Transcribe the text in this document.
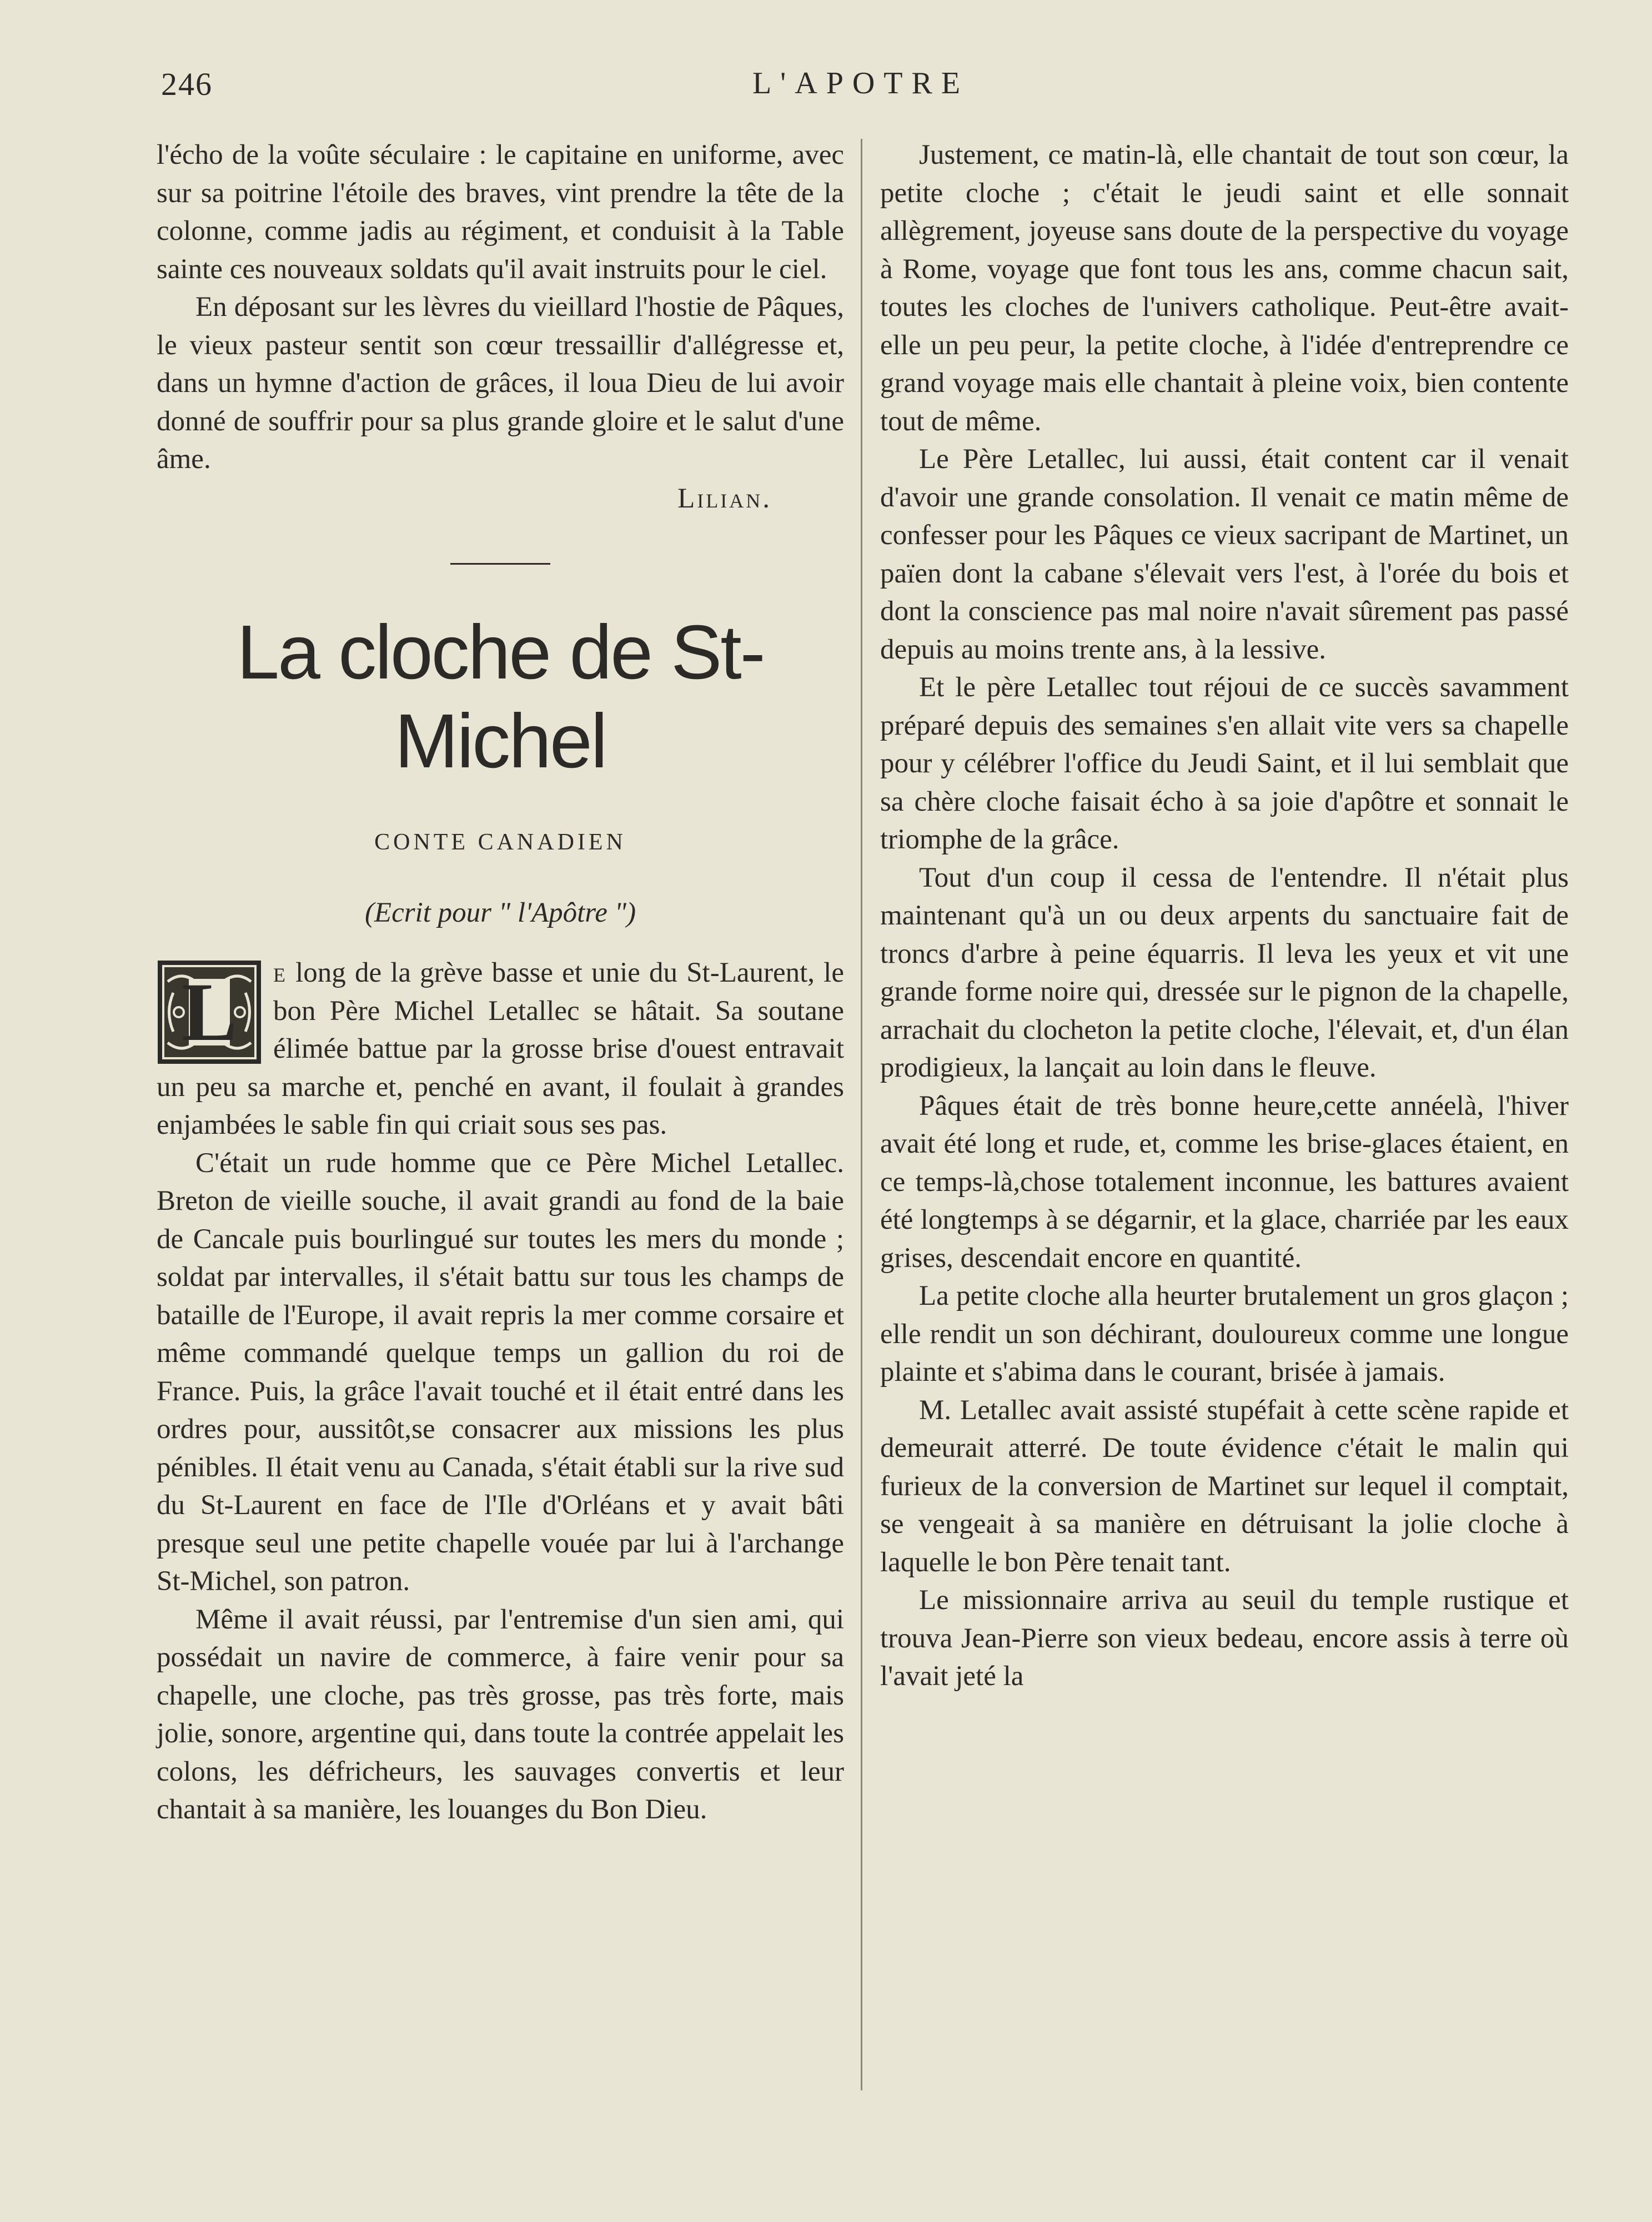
246	L'APOTRE

l'écho de la voûte séculaire : le capitaine en uniforme, avec sur sa poitrine l'étoile des braves, vint prendre la tête de la colonne, comme jadis au régiment, et conduisit à la Table sainte ces nouveaux soldats qu'il avait instruits pour le ciel.

En déposant sur les lèvres du vieillard l'hostie de Pâques, le vieux pasteur sentit son cœur tressaillir d'allégresse et, dans un hymne d'action de grâces, il loua Dieu de lui avoir donné de souffrir pour sa plus grande gloire et le salut d'une âme.

Lilian.
La cloche de St-Michel
CONTE CANADIEN
(Ecrit pour " l'Apôtre ")

L	e long de la grève basse et unie du St-Laurent, le bon Père Michel Letallec se hâtait. Sa soutane élimée battue par la grosse brise d'ouest entravait un peu sa marche et, penché en avant, il foulait à grandes enjambées le sable fin qui criait sous ses pas.

C'était un rude homme que ce Père Michel Letallec. Breton de vieille souche, il avait grandi au fond de la baie de Cancale puis bourlingué sur toutes les mers du monde ; soldat par intervalles, il s'était battu sur tous les champs de bataille de l'Europe, il avait repris la mer comme corsaire et même commandé quelque temps un gallion du roi de France. Puis, la grâce l'avait touché et il était entré dans les ordres pour, aussitôt,se consacrer aux missions les plus pénibles. Il était venu au Canada, s'était établi sur la rive sud du St-Laurent en face de l'Ile d'Orléans et y avait bâti presque seul une petite chapelle vouée par lui à l'archange St-Michel, son patron.

Même il avait réussi, par l'entremise d'un sien ami, qui possédait un navire de commerce, à faire venir pour sa chapelle, une cloche, pas très grosse, pas très forte, mais jolie, sonore, argentine qui, dans toute la contrée appelait les colons, les défricheurs, les sauvages convertis et leur chantait à sa manière, les louanges du Bon Dieu.

Justement, ce matin-là, elle chantait de tout son cœur, la petite cloche ; c'était le jeudi saint et elle sonnait allègrement, joyeuse sans doute de la perspective du voyage à Rome, voyage que font tous les ans, comme chacun sait, toutes les cloches de l'univers catholique. Peut-être avait-elle un peu peur, la petite cloche, à l'idée d'entreprendre ce grand voyage mais elle chantait à pleine voix, bien contente tout de même.

Le Père Letallec, lui aussi, était content car il venait d'avoir une grande consolation. Il venait ce matin même de confesser pour les Pâques ce vieux sacripant de Martinet, un païen dont la cabane s'élevait vers l'est, à l'orée du bois et dont la conscience pas mal noire n'avait sûrement pas passé depuis au moins trente ans, à la lessive.

Et le père Letallec tout réjoui de ce succès savamment préparé depuis des semaines s'en allait vite vers sa chapelle pour y célébrer l'office du Jeudi Saint, et il lui semblait que sa chère cloche faisait écho à sa joie d'apôtre et sonnait le triomphe de la grâce.

Tout d'un coup il cessa de l'entendre. Il n'était plus maintenant qu'à un ou deux arpents du sanctuaire fait de troncs d'arbre à peine équarris. Il leva les yeux et vit une grande forme noire qui, dressée sur le pignon de la chapelle, arrachait du clocheton la petite cloche, l'élevait, et, d'un élan prodigieux, la lançait au loin dans le fleuve.

Pâques était de très bonne heure,cette annéelà, l'hiver avait été long et rude, et, comme les brise-glaces étaient, en ce temps-là,chose totalement inconnue, les battures avaient été longtemps à se dégarnir, et la glace, charriée par les eaux grises, descendait encore en quantité.

La petite cloche alla heurter brutalement un gros glaçon ; elle rendit un son déchirant, douloureux comme une longue plainte et s'abima dans le courant, brisée à jamais.

M. Letallec avait assisté stupéfait à cette scène rapide et demeurait atterré. De toute évidence c'était le malin qui furieux de la conversion de Martinet sur lequel il comptait, se vengeait à sa manière en détruisant la jolie cloche à laquelle le bon Père tenait tant.

Le missionnaire arriva au seuil du temple rustique et trouva Jean-Pierre son vieux bedeau, encore assis à terre où l'avait jeté la
